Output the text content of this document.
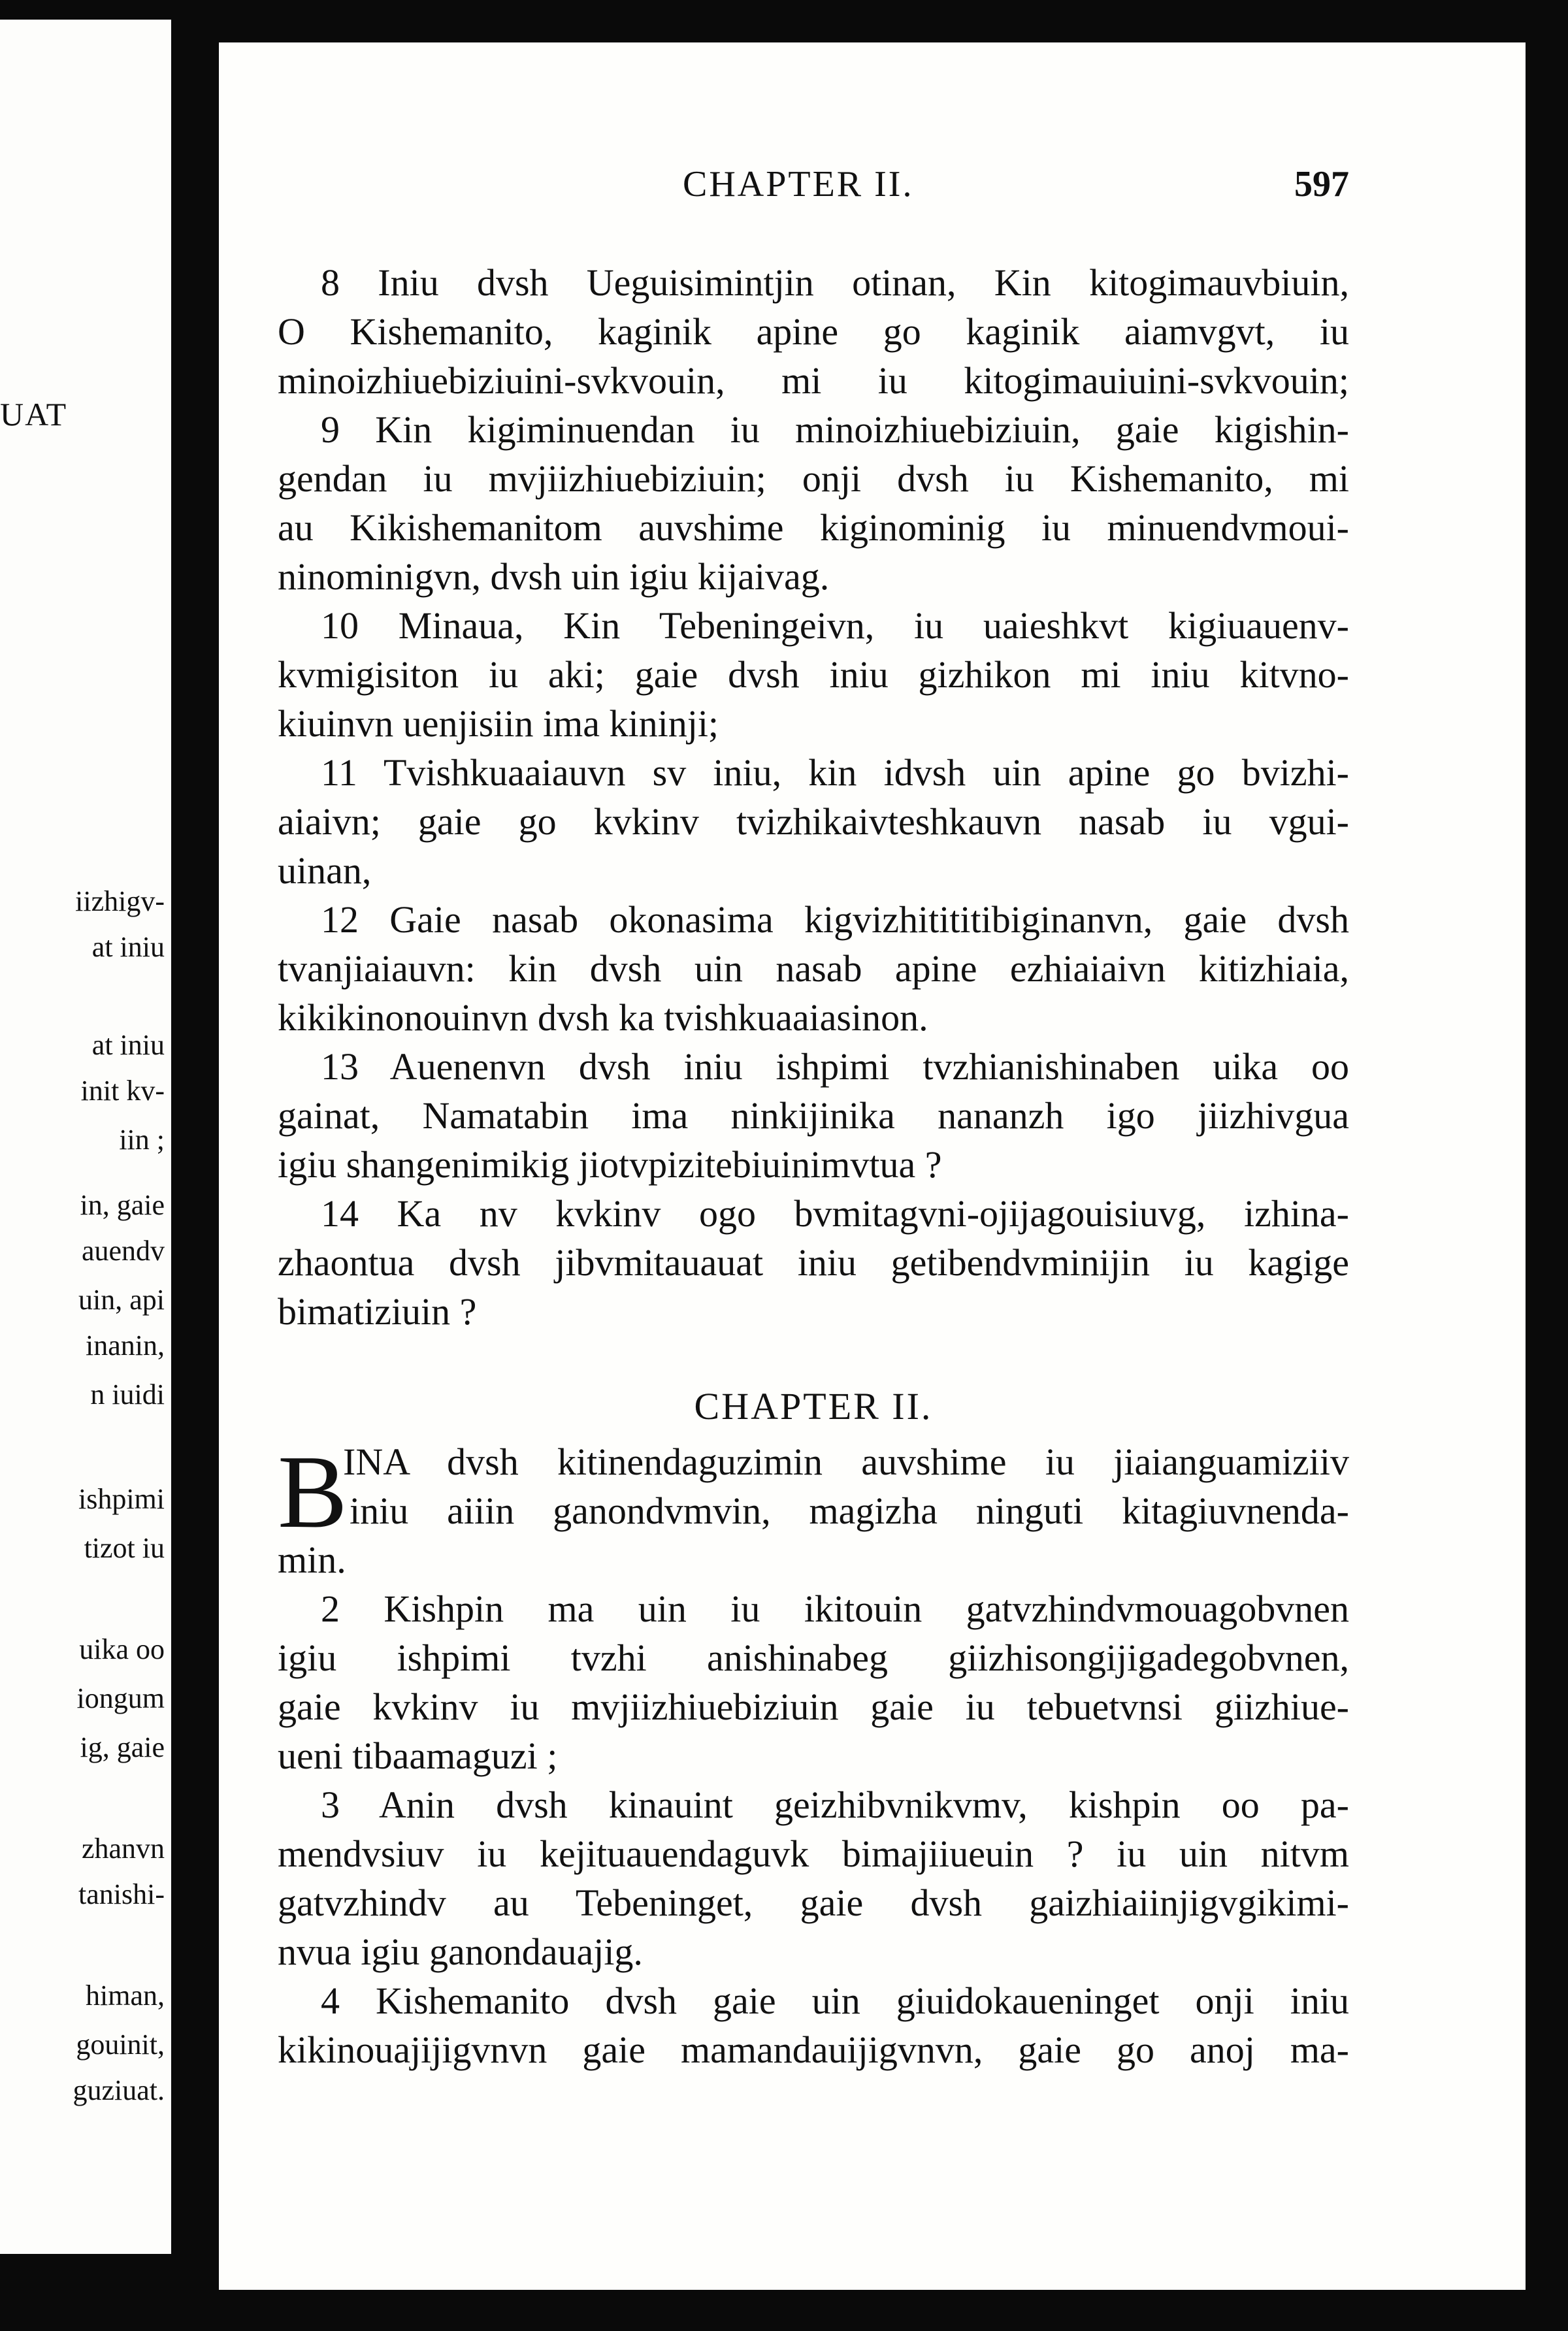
UAT
iizhigv-
at iniu
at iniu
init kv-
iin ;
in, gaie
auendv
uin, api
inanin,
n iuidi
ishpimi
tizot iu
uika oo
iongum
ig, gaie
zhanvn
tanishi-
himan,
gouinit,
guziuat.
CHAPTER II.	597
8 Iniu dvsh Ueguisimintjin otinan, Kin kitogimauvbiuin,
O Kishemanito, kaginik apine go kaginik aiamvgvt, iu
minoizhiuebiziuini-svkvouin, mi iu kitogimauiuini-svkvouin;
9 Kin kigiminuendan iu minoizhiuebiziuin, gaie kigishin-
gendan iu mvjiizhiuebiziuin; onji dvsh iu Kishemanito, mi
au Kikishemanitom auvshime kiginominig iu minuendvmoui-
ninominigvn, dvsh uin igiu kijaivag.
10 Minaua, Kin Tebeningeivn, iu uaieshkvt kigiuauenv-
kvmigisiton iu aki; gaie dvsh iniu gizhikon mi iniu kitvno-
kiuinvn uenjisiin ima kininji;
11 Tvishkuaaiauvn sv iniu, kin idvsh uin apine go bvizhi-
aiaivn; gaie go kvkinv tvizhikaivteshkauvn nasab iu vgui-
uinan,
12 Gaie nasab okonasima kigvizhitititibiginanvn, gaie dvsh
tvanjiaiauvn: kin dvsh uin nasab apine ezhiaiaivn kitizhiaia,
kikikinonouinvn dvsh ka tvishkuaaiasinon.
13 Auenenvn dvsh iniu ishpimi tvzhianishinaben uika oo
gainat, Namatabin ima ninkijinika nananzh igo jiizhivgua
igiu shangenimikig jiotvpizitebiuinimvtua ?
14 Ka nv kvkinv ogo bvmitagvni-ojijagouisiuvg, izhina-
zhaontua dvsh jibvmitauauat iniu getibendvminijin iu kagige
bimatiziuin ?
CHAPTER II.
B
INA dvsh kitinendaguzimin auvshime iu jiaianguamiziiv
iniu aiiin ganondvmvin, magizha ninguti kitagiuvnenda-
min.
2 Kishpin ma uin iu ikitouin gatvzhindvmouagobvnen
igiu ishpimi tvzhi anishinabeg giizhisongijigadegobvnen,
gaie kvkinv iu mvjiizhiuebiziuin gaie iu tebuetvnsi giizhiue-
ueni tibaamaguzi ;
3 Anin dvsh kinauint geizhibvnikvmv, kishpin oo pa-
mendvsiuv iu kejituauendaguvk bimajiiueuin ? iu uin nitvm
gatvzhindv au Tebeninget, gaie dvsh gaizhiaiinjigvgikimi-
nvua igiu ganondauajig.
4 Kishemanito dvsh gaie uin giuidokaueninget onji iniu
kikinouajijigvnvn gaie mamandauijigvnvn, gaie go anoj ma-
